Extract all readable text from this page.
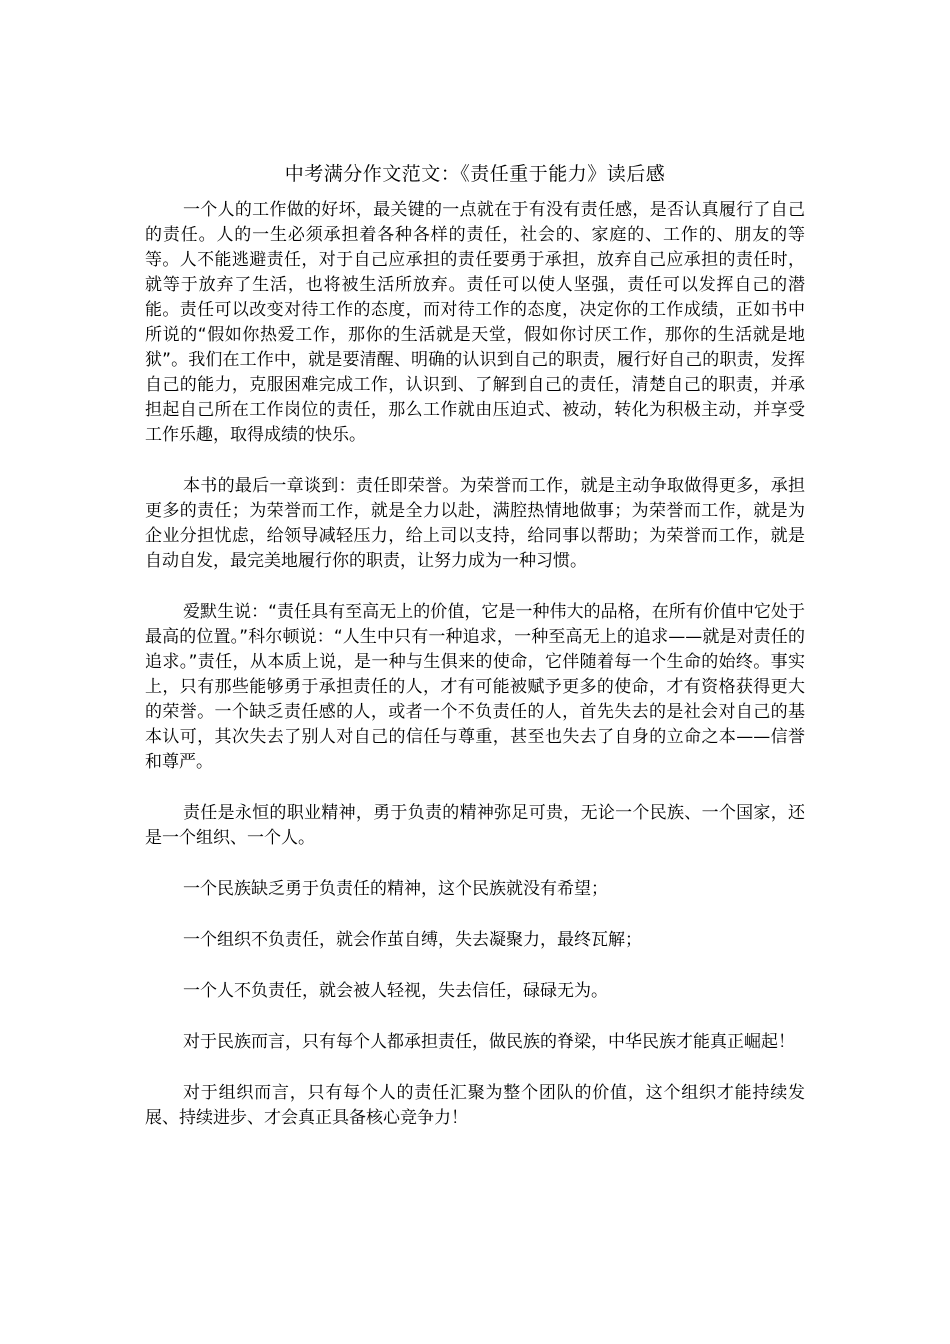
中考满分作文范文：《责任重于能力》读后感

一个人的工作做的好坏，最关键的一点就在于有没有责任感，是否认真履行了自己的责任。人的一生必须承担着各种各样的责任，社会的、家庭的、工作的、朋友的等等。人不能逃避责任，对于自己应承担的责任要勇于承担，放弃自己应承担的责任时，就等于放弃了生活，也将被生活所放弃。责任可以使人坚强，责任可以发挥自己的潜能。责任可以改变对待工作的态度，而对待工作的态度，决定你的工作成绩，正如书中所说的“假如你热爱工作，那你的生活就是天堂，假如你讨厌工作，那你的生活就是地狱”。我们在工作中，就是要清醒、明确的认识到自己的职责，履行好自己的职责，发挥自己的能力，克服困难完成工作，认识到、了解到自己的责任，清楚自己的职责，并承担起自己所在工作岗位的责任，那么工作就由压迫式、被动，转化为积极主动，并享受工作乐趣，取得成绩的快乐。

本书的最后一章谈到：责任即荣誉。为荣誉而工作，就是主动争取做得更多，承担更多的责任；为荣誉而工作，就是全力以赴，满腔热情地做事；为荣誉而工作，就是为企业分担忧虑，给领导减轻压力，给上司以支持，给同事以帮助；为荣誉而工作，就是自动自发，最完美地履行你的职责，让努力成为一种习惯。

爱默生说：“责任具有至高无上的价值，它是一种伟大的品格，在所有价值中它处于最高的位置。”科尔顿说：“人生中只有一种追求，一种至高无上的追求——就是对责任的追求。”责任，从本质上说，是一种与生俱来的使命，它伴随着每一个生命的始终。事实上，只有那些能够勇于承担责任的人，才有可能被赋予更多的使命，才有资格获得更大的荣誉。一个缺乏责任感的人，或者一个不负责任的人，首先失去的是社会对自己的基本认可，其次失去了别人对自己的信任与尊重，甚至也失去了自身的立命之本——信誉和尊严。

责任是永恒的职业精神，勇于负责的精神弥足可贵，无论一个民族、一个国家，还是一个组织、一个人。

一个民族缺乏勇于负责任的精神，这个民族就没有希望；

一个组织不负责任，就会作茧自缚，失去凝聚力，最终瓦解；

一个人不负责任，就会被人轻视，失去信任，碌碌无为。

对于民族而言，只有每个人都承担责任，做民族的脊梁，中华民族才能真正崛起！

对于组织而言，只有每个人的责任汇聚为整个团队的价值，这个组织才能持续发展、持续进步、才会真正具备核心竞争力！
